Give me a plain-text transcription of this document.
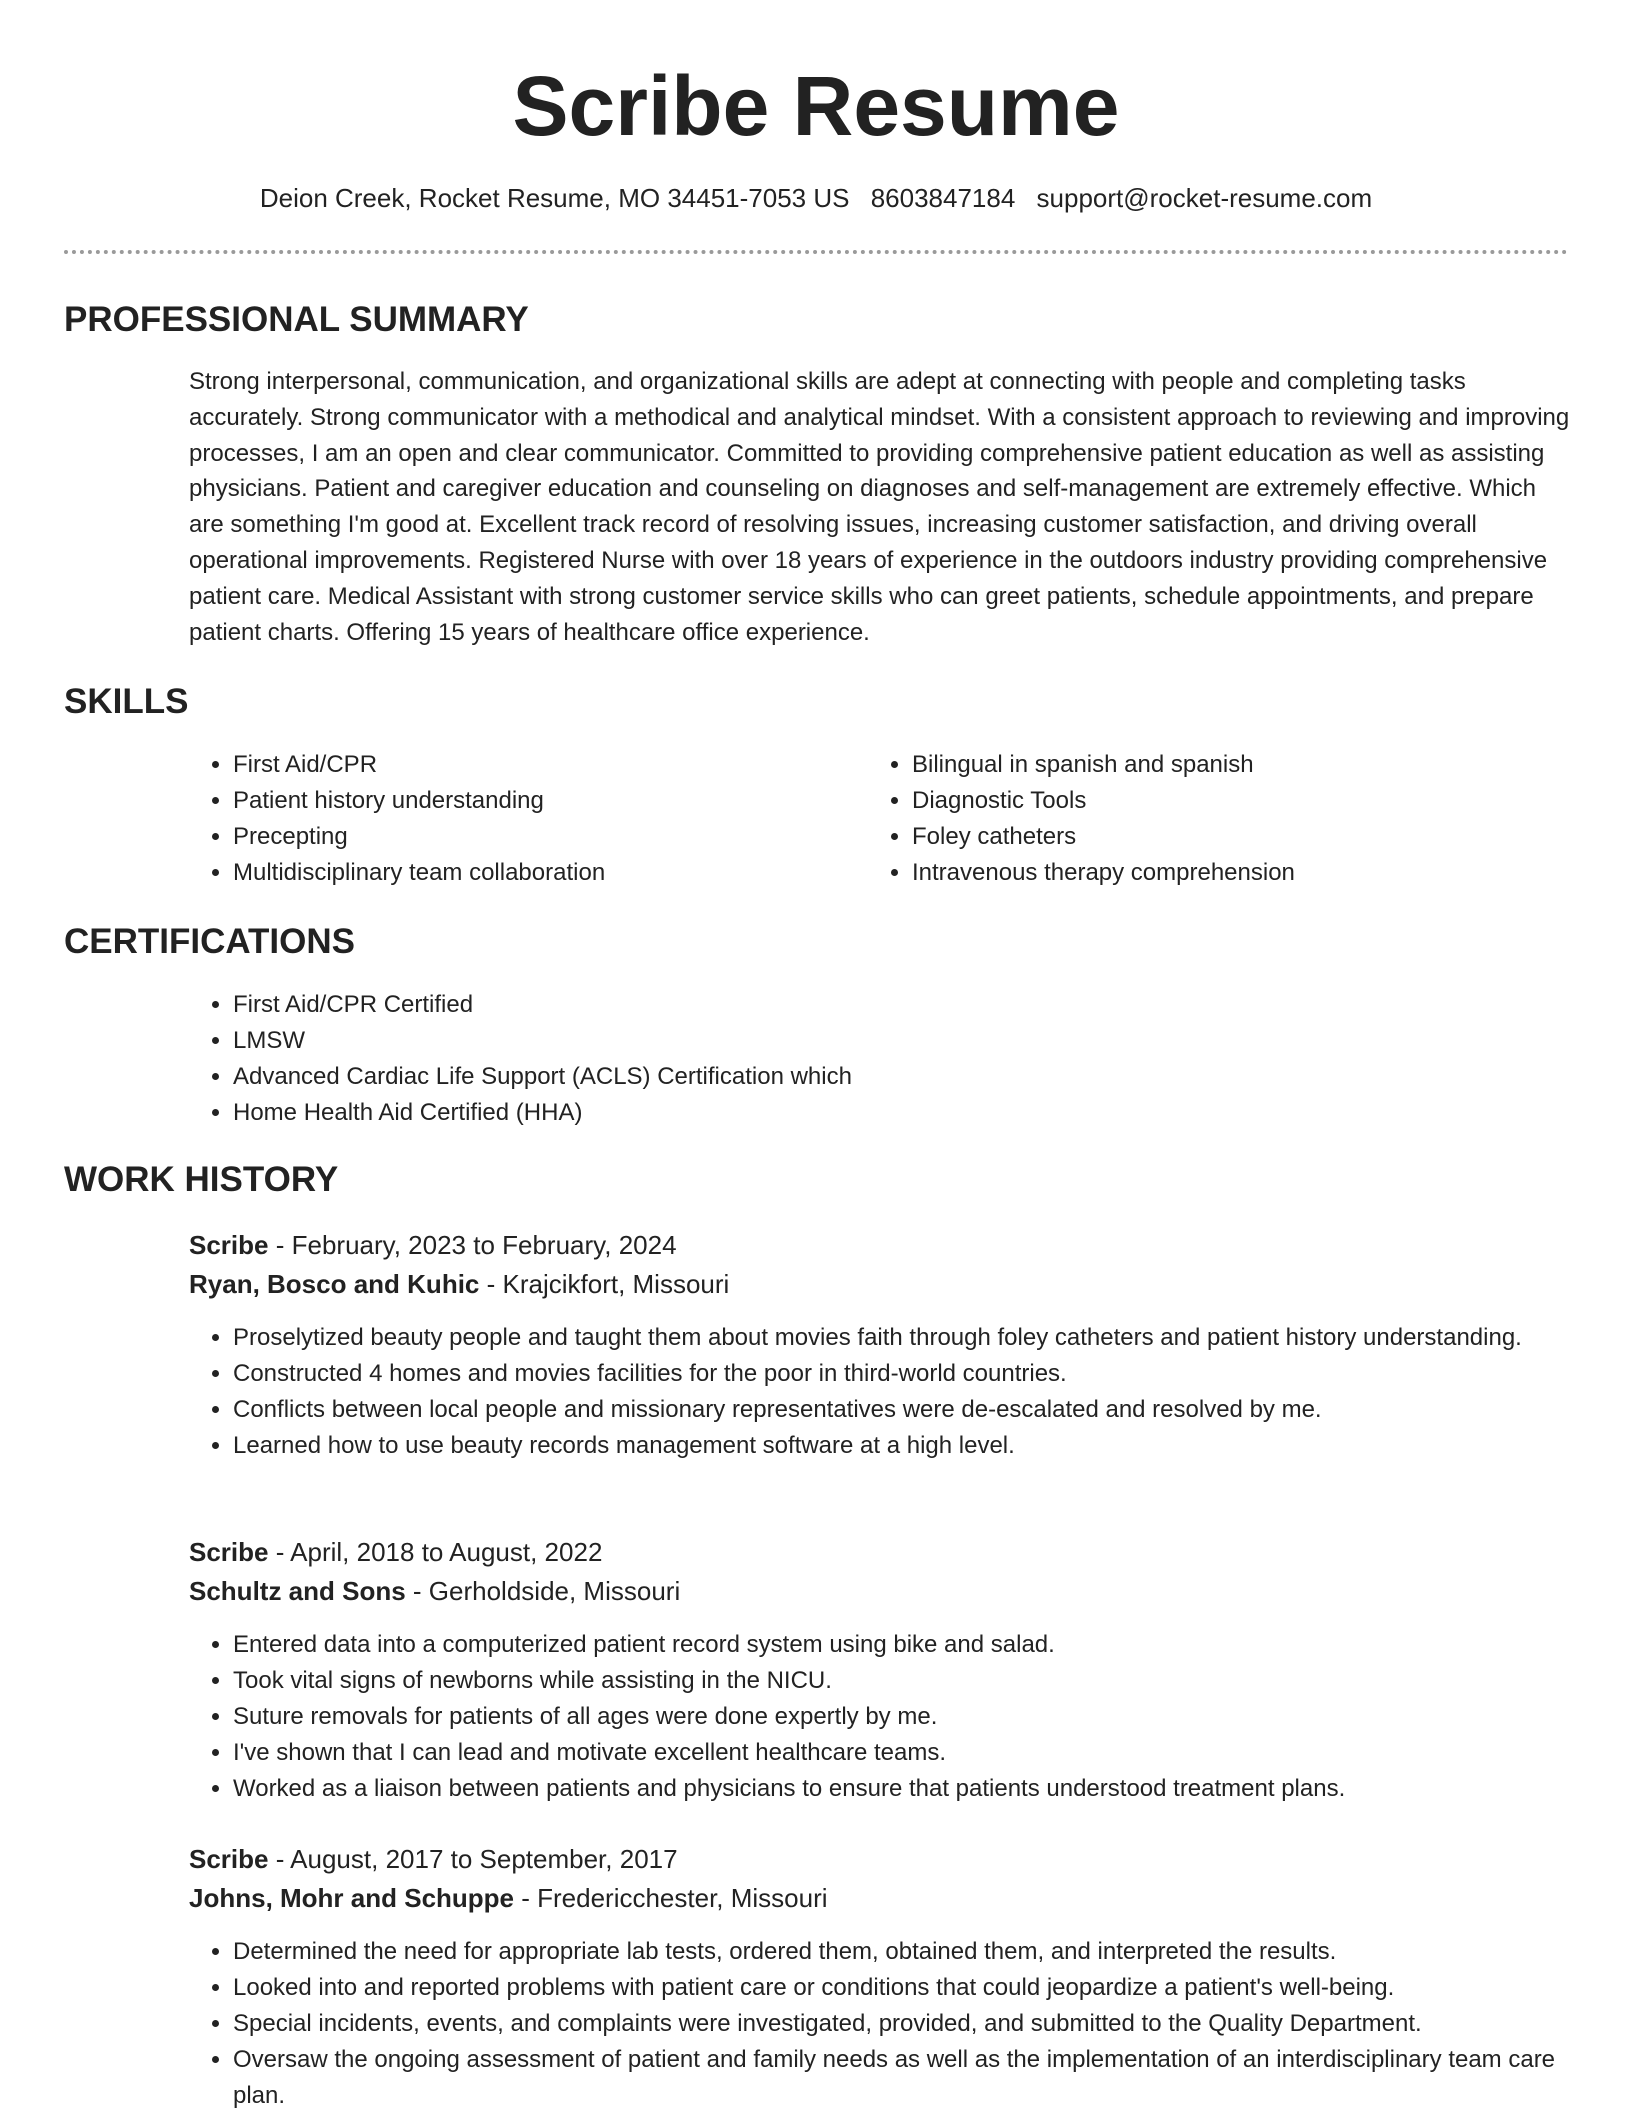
Scribe Resume
Deion Creek, Rocket Resume, MO 34451-7053 US 8603847184 support@rocket-resume.com
PROFESSIONAL SUMMARY

Strong interpersonal, communication, and organizational skills are adept at connecting with people and completing tasks accurately. Strong communicator with a methodical and analytical mindset. With a consistent approach to reviewing and improving processes, I am an open and clear communicator. Committed to providing comprehensive patient education as well as assisting physicians. Patient and caregiver education and counseling on diagnoses and self-management are extremely effective. Which are something I'm good at. Excellent track record of resolving issues, increasing customer satisfaction, and driving overall operational improvements. Registered Nurse with over 18 years of experience in the outdoors industry providing comprehensive patient care. Medical Assistant with strong customer service skills who can greet patients, schedule appointments, and prepare patient charts. Offering 15 years of healthcare office experience.

SKILLS
• First Aid/CPR
• Patient history understanding
• Precepting
• Multidisciplinary team collaboration
• Bilingual in spanish and spanish
• Diagnostic Tools
• Foley catheters
• Intravenous therapy comprehension
CERTIFICATIONS
• First Aid/CPR Certified
• LMSW
• Advanced Cardiac Life Support (ACLS) Certification which
• Home Health Aid Certified (HHA)
WORK HISTORY
Scribe - February, 2023 to February, 2024
Ryan, Bosco and Kuhic - Krajcikfort, Missouri
• Proselytized beauty people and taught them about movies faith through foley catheters and patient history understanding.
• Constructed 4 homes and movies facilities for the poor in third-world countries.
• Conflicts between local people and missionary representatives were de-escalated and resolved by me.
• Learned how to use beauty records management software at a high level.
Scribe - April, 2018 to August, 2022
Schultz and Sons - Gerholdside, Missouri
• Entered data into a computerized patient record system using bike and salad.
• Took vital signs of newborns while assisting in the NICU.
• Suture removals for patients of all ages were done expertly by me.
• I've shown that I can lead and motivate excellent healthcare teams.
• Worked as a liaison between patients and physicians to ensure that patients understood treatment plans.
Scribe - August, 2017 to September, 2017
Johns, Mohr and Schuppe - Fredericchester, Missouri
• Determined the need for appropriate lab tests, ordered them, obtained them, and interpreted the results.
• Looked into and reported problems with patient care or conditions that could jeopardize a patient's well-being.
• Special incidents, events, and complaints were investigated, provided, and submitted to the Quality Department.
• Oversaw the ongoing assessment of patient and family needs as well as the implementation of an interdisciplinary team care plan.
